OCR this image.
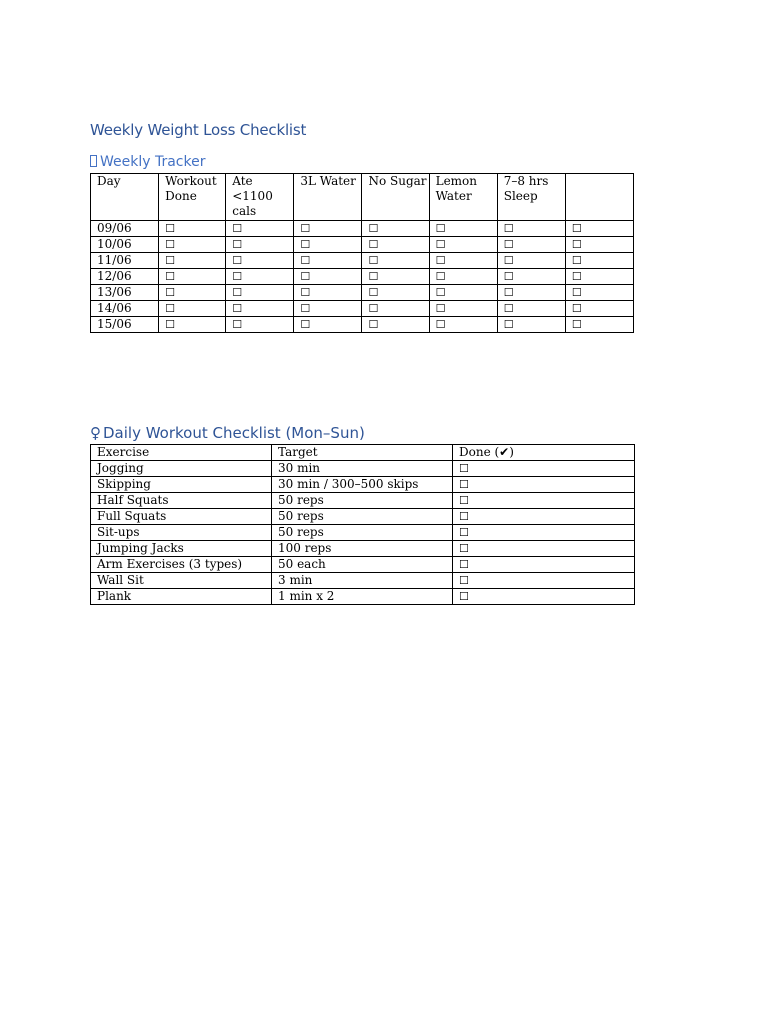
Weekly Weight Loss Checklist
Weekly Tracker
Day	Workout Done	Ate <1100 cals	3L Water	No Sugar	Lemon Water	7–8 hrs Sleep	
09/06	☐	☐	☐	☐	☐	☐	☐
10/06	☐	☐	☐	☐	☐	☐	☐
11/06	☐	☐	☐	☐	☐	☐	☐
12/06	☐	☐	☐	☐	☐	☐	☐
13/06	☐	☐	☐	☐	☐	☐	☐
14/06	☐	☐	☐	☐	☐	☐	☐
15/06	☐	☐	☐	☐	☐	☐	☐
♀ Daily Workout Checklist (Mon–Sun)
Exercise	Target	Done (✔)
Jogging	30 min	☐
Skipping	30 min / 300–500 skips	☐
Half Squats	50 reps	☐
Full Squats	50 reps	☐
Sit-ups	50 reps	☐
Jumping Jacks	100 reps	☐
Arm Exercises (3 types)	50 each	☐
Wall Sit	3 min	☐
Plank	1 min x 2	☐
